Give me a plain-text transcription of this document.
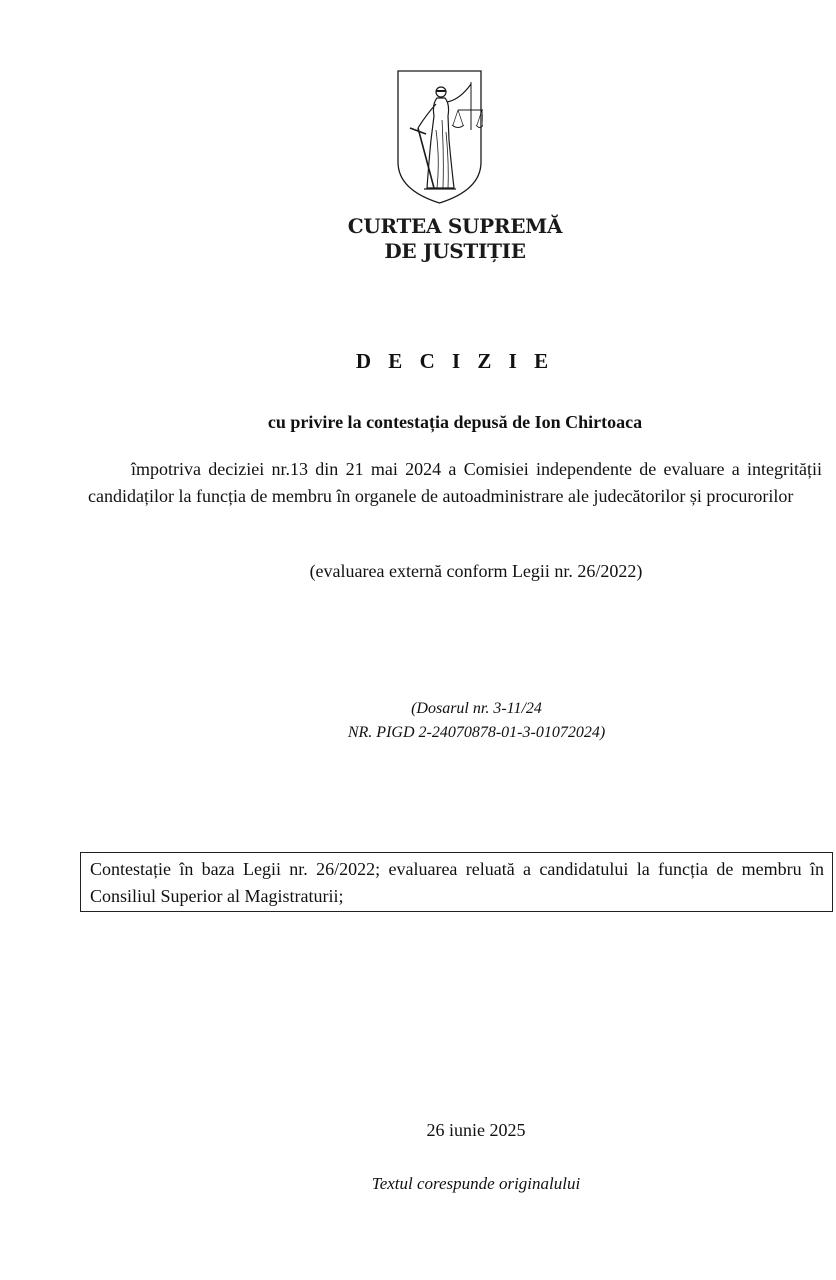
CURTEA SUPREMĂ
DE JUSTIȚIE
D E C I Z I E
cu privire la contestația depusă de Ion Chirtoaca
împotriva deciziei nr.13 din 21 mai 2024 a Comisiei independente de evaluare a integrității candidaților la funcția de membru în organele de autoadministrare ale judecătorilor și procurorilor
(evaluarea externă conform Legii nr. 26/2022)
(Dosarul nr. 3-11/24
NR. PIGD 2-24070878-01-3-01072024)
Contestație în baza Legii nr. 26/2022; evaluarea reluată a candidatului la funcția de membru în Consiliul Superior al Magistraturii;
26 iunie 2025
Textul corespunde originalului
